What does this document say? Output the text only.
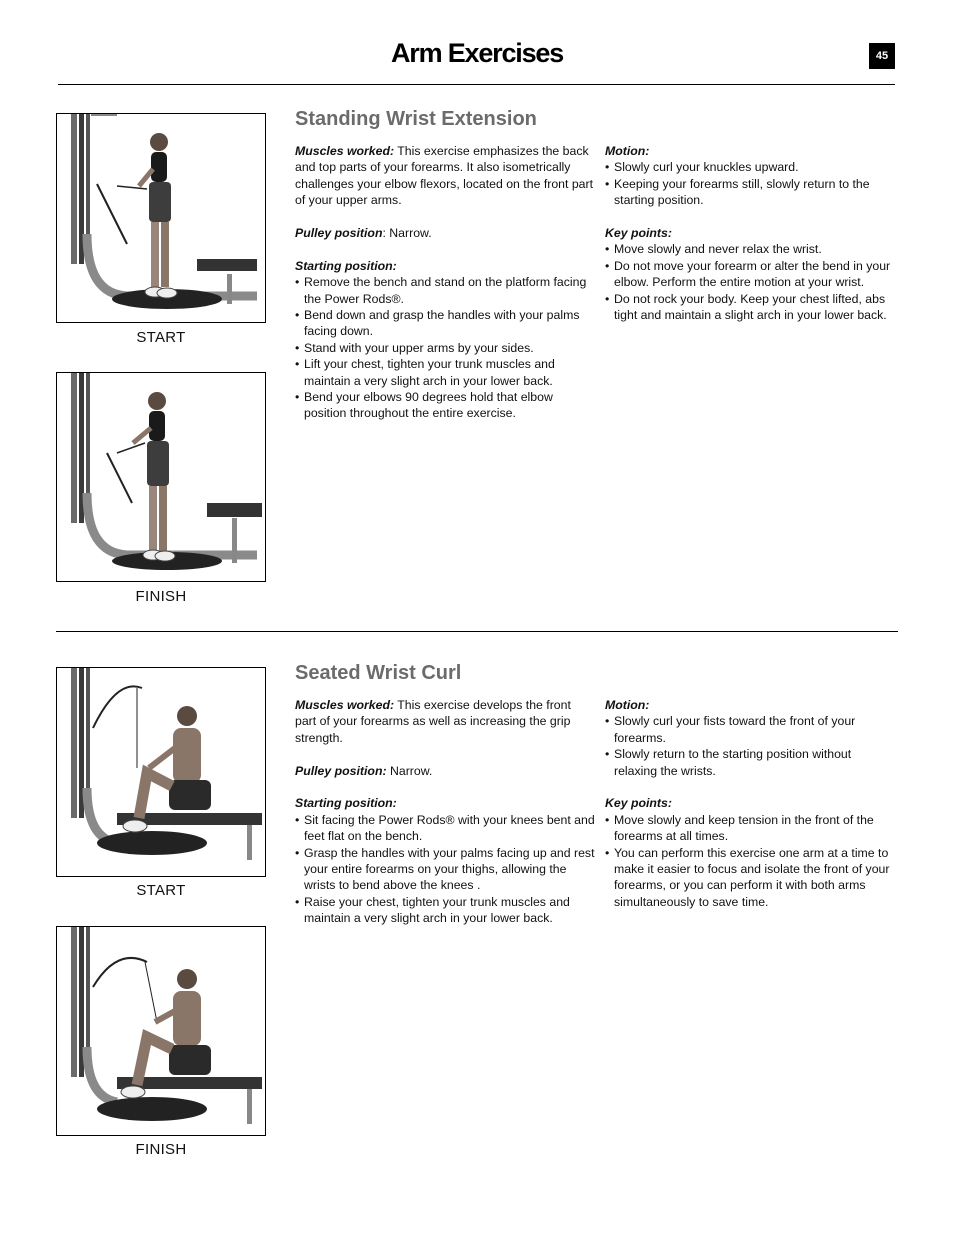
Arm Exercises	45
START
FINISH
Standing Wrist Extension

Muscles worked: This exercise emphasizes the back and top parts of your forearms. It also isometrically challenges your elbow flexors, located on the front part of your upper arms.

Pulley position: Narrow.

Starting position:
• Remove the bench and stand on the platform facing the Power Rods®.
• Bend down and grasp the handles with your palms facing down.
• Stand with your upper arms by your sides.
• Lift your chest, tighten your trunk muscles and maintain a very slight arch in your lower back.
• Bend your elbows 90 degrees hold that elbow position throughout the entire exercise.
Motion:
• Slowly curl your knuckles upward.
• Keeping your forearms still, slowly return to the starting position.
Key points:
• Move slowly and never relax the wrist.
• Do not move your forearm or alter the bend in your elbow. Perform the entire motion at your wrist.
• Do not rock your body. Keep your chest lifted, abs tight and maintain a slight arch in your lower back.
START
FINISH
Seated Wrist Curl

Muscles worked: This exercise develops the front part of your forearms as well as increasing the grip strength.

Pulley position: Narrow.

Starting position:
• Sit facing the Power Rods® with your knees bent and feet flat on the bench.
• Grasp the handles with your palms facing up and rest your entire forearms on your thighs, allowing the wrists to bend above the knees .
• Raise your chest, tighten your trunk muscles and maintain a very slight arch in your lower back.
Motion:
• Slowly curl your fists toward the front of your forearms.
• Slowly return to the starting position without relaxing the wrists.
Key points:
• Move slowly and keep tension in the front of the forearms at all times.
• You can perform this exercise one arm at a time to make it easier to focus and isolate the front of your forearms, or you can perform it with both arms simultaneously to save time.
